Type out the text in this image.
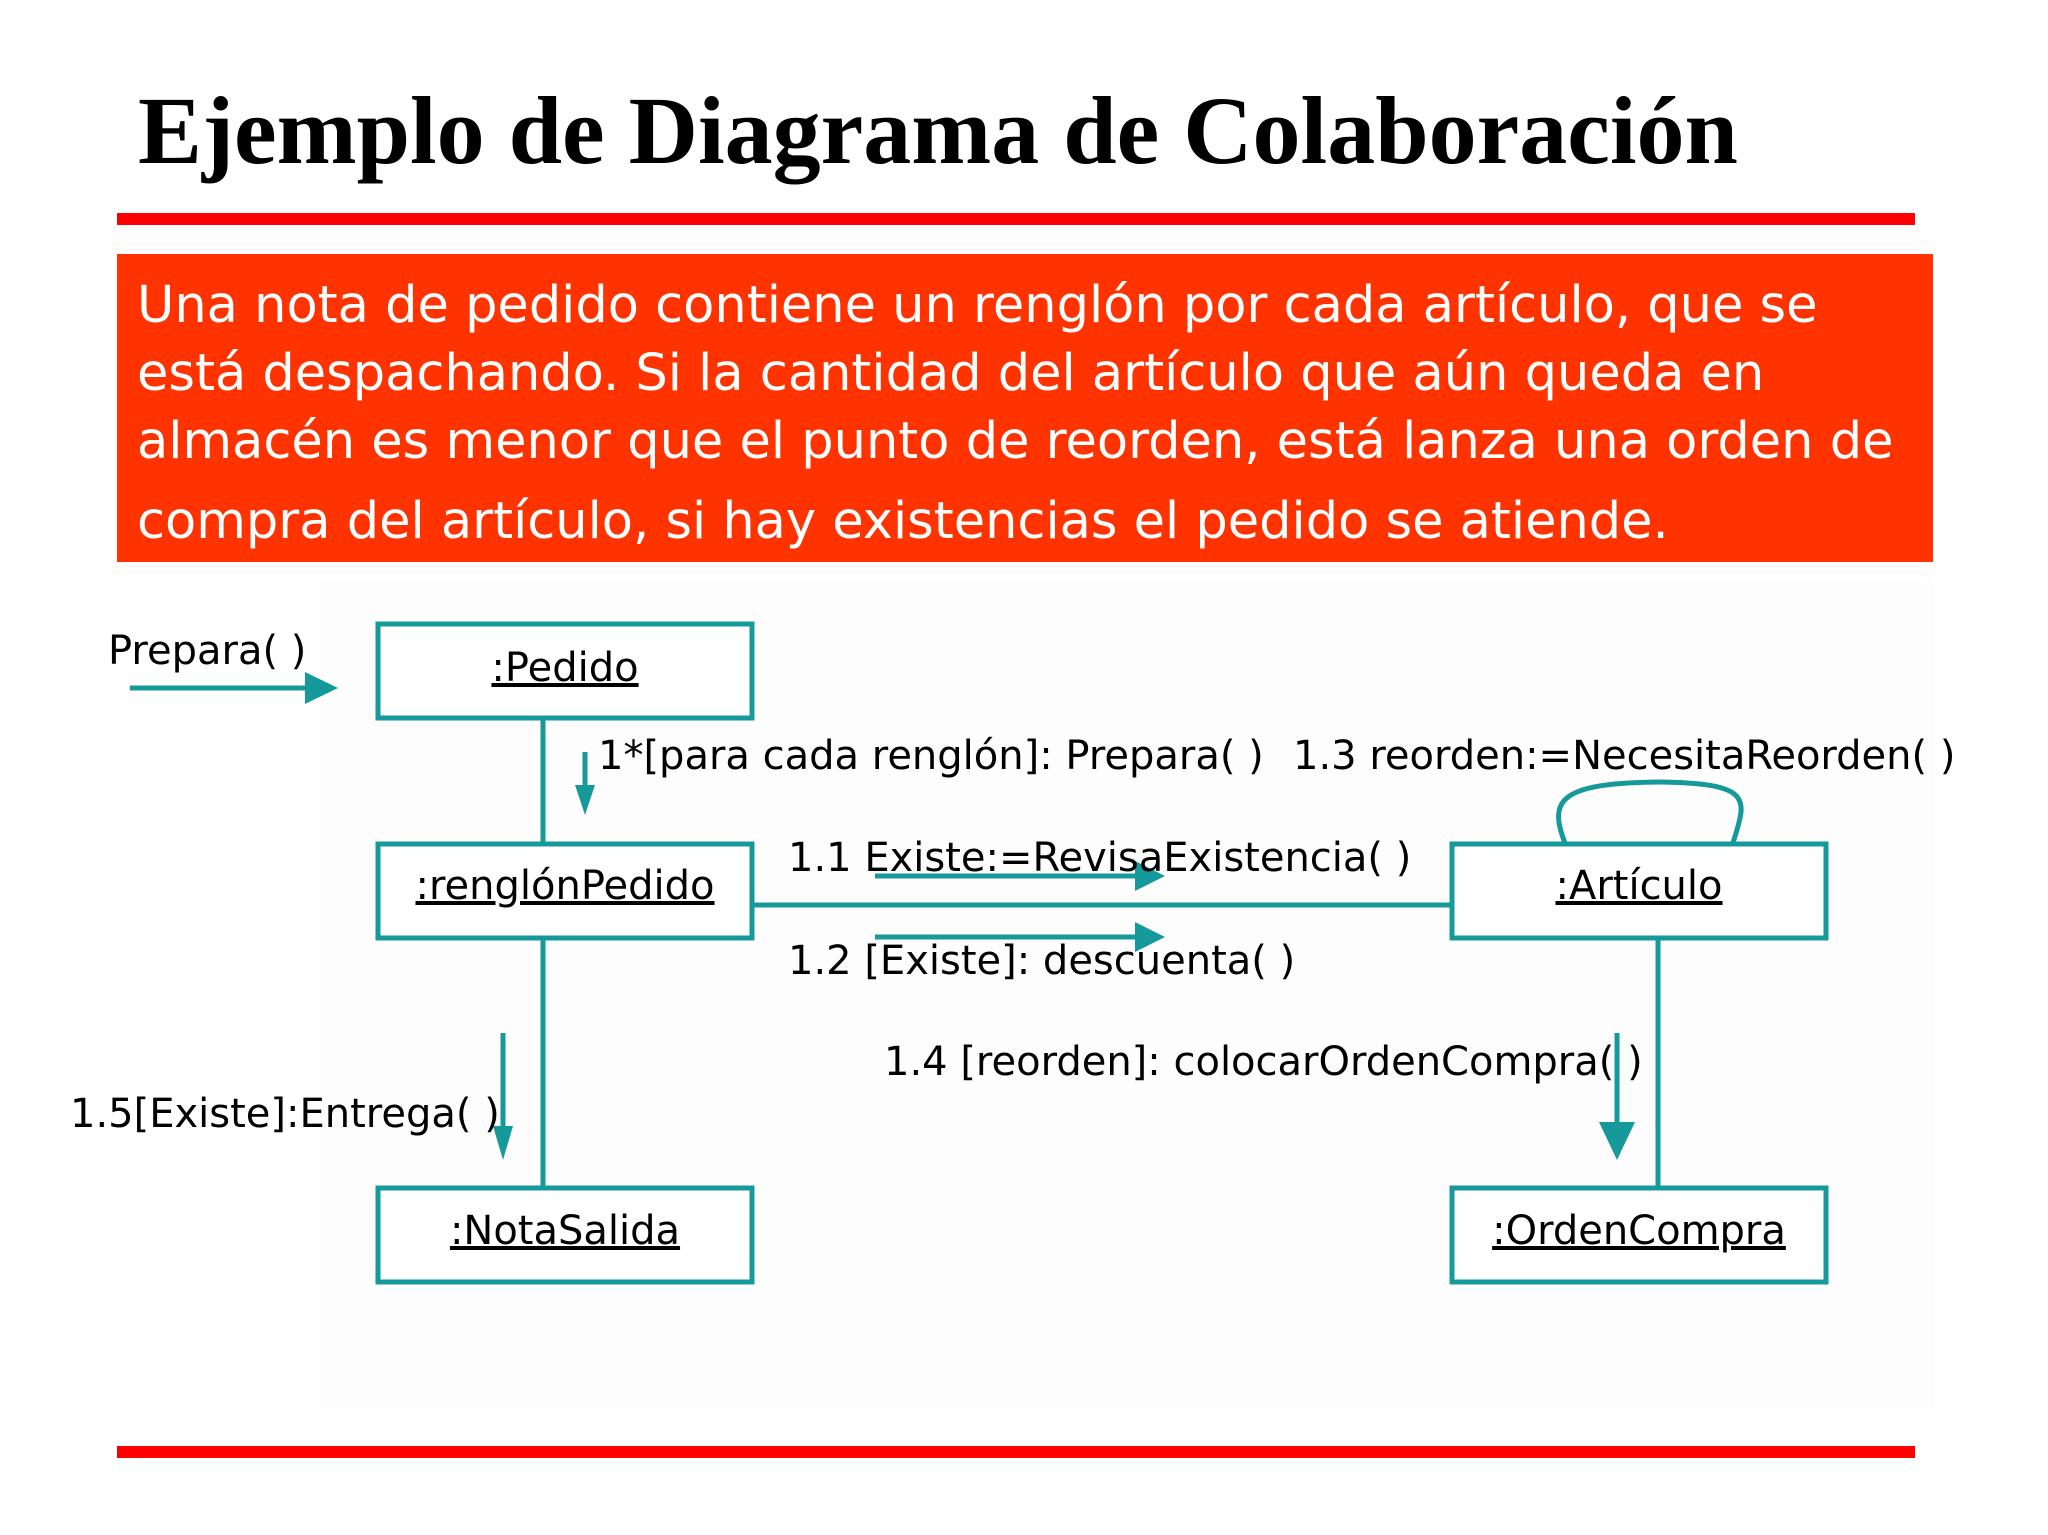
Ejemplo de Diagrama de Colaboración
Una nota de pedido contiene un renglón por cada artículo, que se
está despachando. Si la cantidad del artículo que aún queda en
almacén es menor que el punto de reorden, está lanza una orden de
compra del artículo, si hay existencias el pedido se atiende.
:Pedido
:renglónPedido	:Artículo
:NotaSalida	:OrdenCompra
Prepara( )
1*[para cada renglón]: Prepara( )
1.1 Existe:=RevisaExistencia( )
1.2 [Existe]: descuenta( )
1.3 reorden:=NecesitaReorden( )
1.4 [reorden]: colocarOrdenCompra( )
1.5[Existe]:Entrega( )
